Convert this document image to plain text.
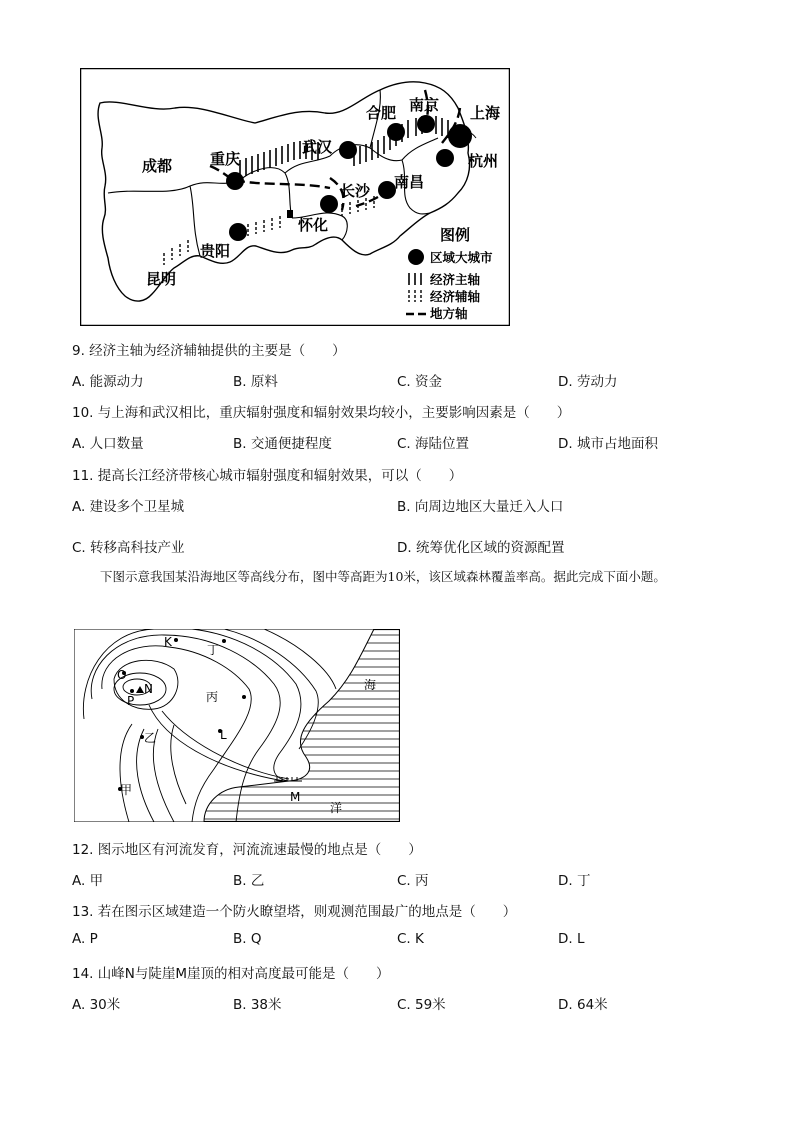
成都	重庆
武汉
合肥 南京 上海
杭州
长沙 南昌
怀化
贵阳
昆明
图例
区域大城市
经济主轴
经济辅轴
地方轴
9. 经济主轴为经济辅轴提供的主要是（　　）
A. 能源动力	B. 原料	C. 资金	D. 劳动力
10. 与上海和武汉相比，重庆辐射强度和辐射效果均较小，主要影响因素是（　　）
A. 人口数量	B. 交通便捷程度	C. 海陆位置	D. 城市占地面积
11. 提高长江经济带核心城市辐射强度和辐射效果，可以（　　）
A. 建设多个卫星城	B. 向周边地区大量迁入人口
C. 转移高科技产业	D. 统筹优化区域的资源配置
下图示意我国某沿海地区等高线分布，图中等高距为10米，该区域森林覆盖率高。据此完成下面小题。
K
丁
O
N
P	丙
海
乙	L
甲	M
洋
12. 图示地区有河流发育，河流流速最慢的地点是（　　）
A. 甲	B. 乙	C. 丙	D. 丁
13. 若在图示区域建造一个防火瞭望塔，则观测范围最广的地点是（　　）
A. P	B. Q	C. K	D. L
14. 山峰N与陡崖M崖顶的相对高度最可能是（　　）
A. 30米	B. 38米	C. 59米	D. 64米
